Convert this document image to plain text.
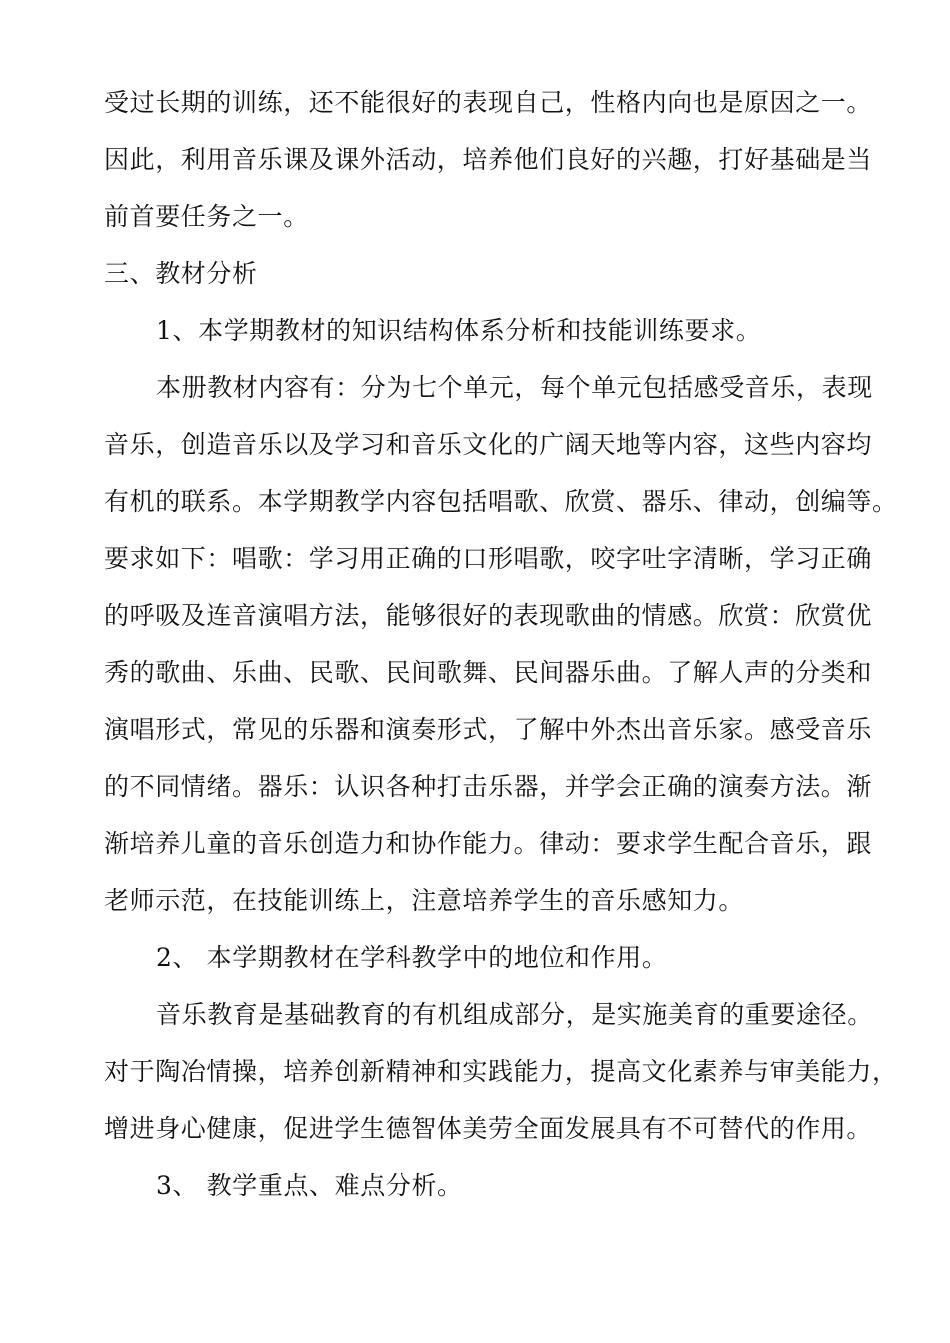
受过长期的训练，还不能很好的表现自己，性格内向也是原因之一。
因此，利用音乐课及课外活动，培养他们良好的兴趣，打好基础是当
前首要任务之一。
三、教材分析
1、本学期教材的知识结构体系分析和技能训练要求。
本册教材内容有：分为七个单元，每个单元包括感受音乐，表现
音乐，创造音乐以及学习和音乐文化的广阔天地等内容，这些内容均
有机的联系。本学期教学内容包括唱歌、欣赏、器乐、律动，创编等。
要求如下：唱歌：学习用正确的口形唱歌，咬字吐字清晰，学习正确
的呼吸及连音演唱方法，能够很好的表现歌曲的情感。欣赏：欣赏优
秀的歌曲、乐曲、民歌、民间歌舞、民间器乐曲。了解人声的分类和
演唱形式，常见的乐器和演奏形式，了解中外杰出音乐家。感受音乐
的不同情绪。器乐：认识各种打击乐器，并学会正确的演奏方法。渐
渐培养儿童的音乐创造力和协作能力。律动：要求学生配合音乐，跟
老师示范，在技能训练上，注意培养学生的音乐感知力。
2、 本学期教材在学科教学中的地位和作用。
音乐教育是基础教育的有机组成部分，是实施美育的重要途径。
对于陶冶情操，培养创新精神和实践能力，提高文化素养与审美能力，
增进身心健康，促进学生德智体美劳全面发展具有不可替代的作用。
3、 教学重点、难点分析。
